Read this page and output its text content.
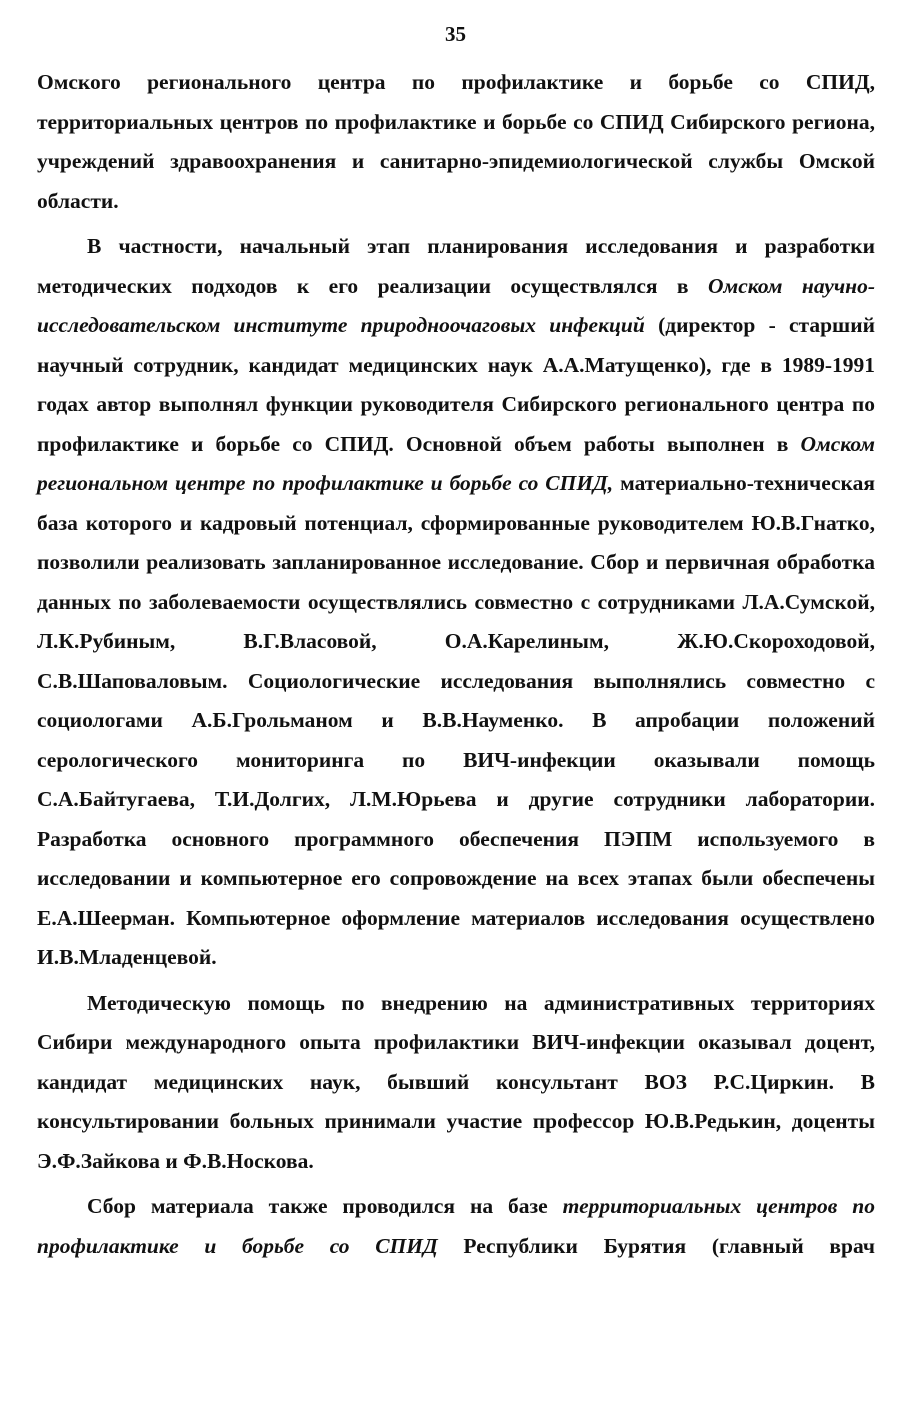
35

Омского регионального центра по профилактике и борьбе со СПИД, территориальных центров по профилактике и борьбе со СПИД Сибирского региона, учреждений здравоохранения и санитарно-эпидемиологической службы Омской области.

В частности, начальный этап планирования исследования и разработки методических подходов к его реализации осуществлялся в Омском научно-исследовательском институте природноочаговых инфекций (директор - старший научный сотрудник, кандидат медицинских наук А.А.Матущенко), где в 1989-1991 годах автор выполнял функции руководителя Сибирского регионального центра по профилактике и борьбе со СПИД. Основной объем работы выполнен в Омском региональном центре по профилактике и борьбе со СПИД, материально-техническая база которого и кадровый потенциал, сформированные руководителем Ю.В.Гнатко, позволили реализовать запланированное исследование. Сбор и первичная обработка данных по заболеваемости осуществлялись совместно с сотрудниками Л.А.Сумской, Л.К.Рубиным, В.Г.Власовой, О.А.Карелиным, Ж.Ю.Скороходовой, С.В.Шаповаловым. Социологические исследования выполнялись совместно с социологами А.Б.Грольманом и В.В.Науменко. В апробации положений серологического мониторинга по ВИЧ-инфекции оказывали помощь С.А.Байтугаева, Т.И.Долгих, Л.М.Юрьева и другие сотрудники лаборатории. Разработка основного программного обеспечения ПЭПМ используемого в исследовании и компьютерное его сопровождение на всех этапах были обеспечены Е.А.Шеерман. Компьютерное оформление материалов исследования осуществлено И.В.Младенцевой.

Методическую помощь по внедрению на административных территориях Сибири международного опыта профилактики ВИЧ-инфекции оказывал доцент, кандидат медицинских наук, бывший консультант ВОЗ Р.С.Циркин. В консультировании больных принимали участие профессор Ю.В.Редькин, доценты Э.Ф.Зайкова и Ф.В.Носкова.

Сбор материала также проводился на базе территориальных центров по профилактике и борьбе со СПИД Республики Бурятия (главный врач
